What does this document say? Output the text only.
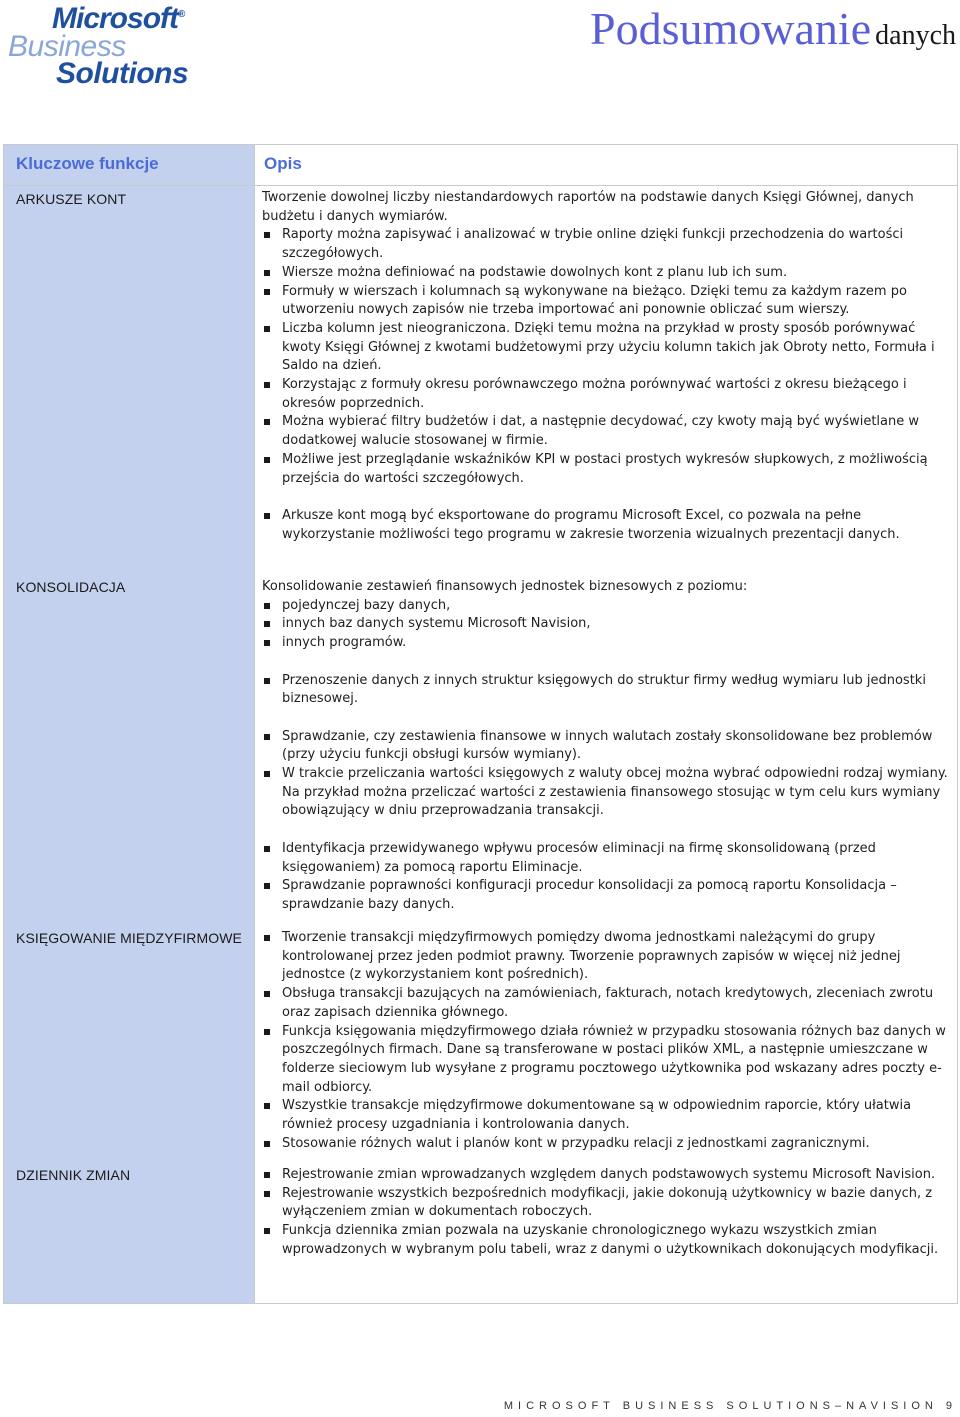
Microsoft®
Business
Solutions
Podsumowanie danych
Kluczowe funkcje	Opis
ARKUSZE KONT
KONSOLIDACJA
KSIĘGOWANIE MIĘDZYFIRMOWE
DZIENNIK ZMIAN

Tworzenie dowolnej liczby niestandardowych raportów na podstawie danych Księgi Głównej, danych budżetu i danych wymiarów.

Raporty można zapisywać i analizować w trybie online dzięki funkcji przechodzenia do wartości szczegółowych.

Wiersze można definiować na podstawie dowolnych kont z planu lub ich sum.

Formuły w wierszach i kolumnach są wykonywane na bieżąco. Dzięki temu za każdym razem po utworzeniu nowych zapisów nie trzeba importować ani ponownie obliczać sum wierszy.

Liczba kolumn jest nieograniczona. Dzięki temu można na przykład w prosty sposób porównywać kwoty Księgi Głównej z kwotami budżetowymi przy użyciu kolumn takich jak Obroty netto, Formuła i Saldo na dzień.

Korzystając z formuły okresu porównawczego można porównywać wartości z okresu bieżącego i okresów poprzednich.

Można wybierać filtry budżetów i dat, a następnie decydować, czy kwoty mają być wyświetlane w dodatkowej walucie stosowanej w firmie.

Możliwe jest przeglądanie wskaźników KPI w postaci prostych wykresów słupkowych, z możliwością przejścia do wartości szczegółowych.

Arkusze kont mogą być eksportowane do programu Microsoft Excel, co pozwala na pełne wykorzystanie możliwości tego programu w zakresie tworzenia wizualnych prezentacji danych.

Konsolidowanie zestawień finansowych jednostek biznesowych z poziomu:

pojedynczej bazy danych,

innych baz danych systemu Microsoft Navision,

innych programów.

Przenoszenie danych z innych struktur księgowych do struktur firmy według wymiaru lub jednostki biznesowej.

Sprawdzanie, czy zestawienia finansowe w innych walutach zostały skonsolidowane bez problemów (przy użyciu funkcji obsługi kursów wymiany).

W trakcie przeliczania wartości księgowych z waluty obcej można wybrać odpowiedni rodzaj wymiany. Na przykład można przeliczać wartości z zestawienia finansowego stosując w tym celu kurs wymiany obowiązujący w dniu przeprowadzania transakcji.

Identyfikacja przewidywanego wpływu procesów eliminacji na firmę skonsolidowaną (przed księgowaniem) za pomocą raportu Eliminacje.

Sprawdzanie poprawności konfiguracji procedur konsolidacji za pomocą raportu Konsolidacja – sprawdzanie bazy danych.

Tworzenie transakcji międzyfirmowych pomiędzy dwoma jednostkami należącymi do grupy kontrolowanej przez jeden podmiot prawny. Tworzenie poprawnych zapisów w więcej niż jednej jednostce (z wykorzystaniem kont pośrednich).

Obsługa transakcji bazujących na zamówieniach, fakturach, notach kredytowych, zleceniach zwrotu oraz zapisach dziennika głównego.

Funkcja księgowania międzyfirmowego działa również w przypadku stosowania różnych baz danych w poszczególnych firmach. Dane są transferowane w postaci plików XML, a następnie umieszczane w folderze sieciowym lub wysyłane z programu pocztowego użytkownika pod wskazany adres poczty e-mail odbiorcy.

Wszystkie transakcje międzyfirmowe dokumentowane są w odpowiednim raporcie, który ułatwia również procesy uzgadniania i kontrolowania danych.

Stosowanie różnych walut i planów kont w przypadku relacji z jednostkami zagranicznymi.

Rejestrowanie zmian wprowadzanych względem danych podstawowych systemu Microsoft Navision.

Rejestrowanie wszystkich bezpośrednich modyfikacji, jakie dokonują użytkownicy w bazie danych, z wyłączeniem zmian w dokumentach roboczych.

Funkcja dziennika zmian pozwala na uzyskanie chronologicznego wykazu wszystkich zmian wprowadzonych w wybranym polu tabeli, wraz z danymi o użytkownikach dokonujących modyfikacji.

MICROSOFT BUSINESS SOLUTIONS–NAVISION 9
